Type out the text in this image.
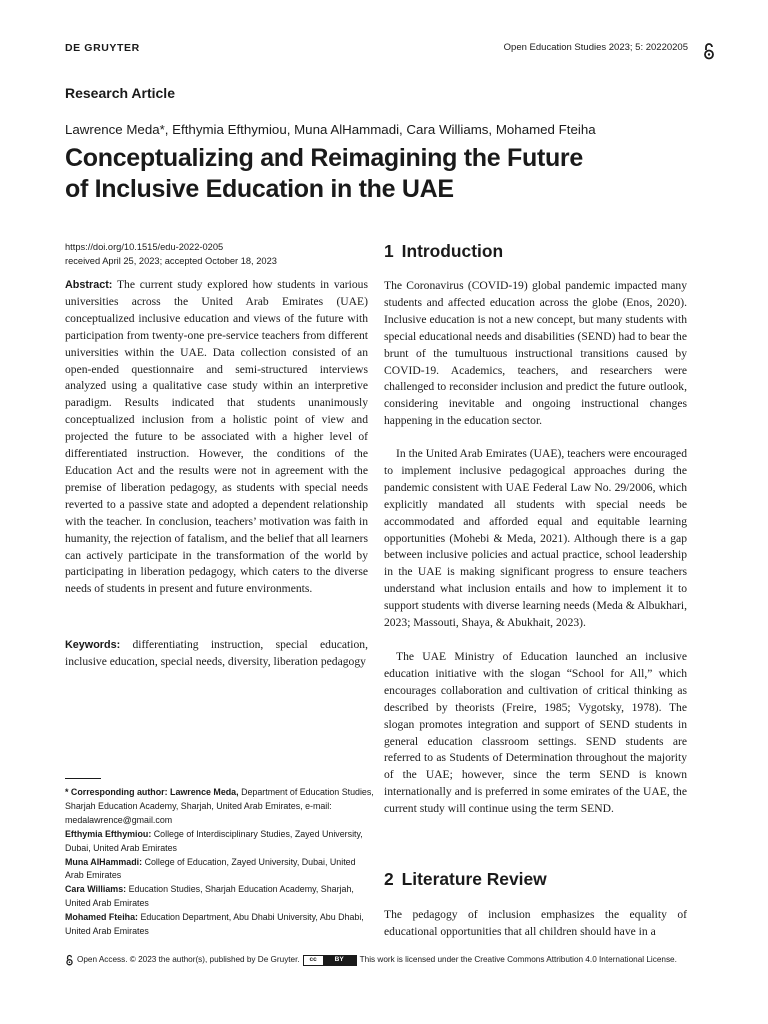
DE GRUYTER	Open Education Studies 2023; 5: 20220205
Research Article
Lawrence Meda*, Efthymia Efthymiou, Muna AlHammadi, Cara Williams, Mohamed Fteiha
Conceptualizing and Reimagining the Future
of Inclusive Education in the UAE
https://doi.org/10.1515/edu-2022-0205
received April 25, 2023; accepted October 18, 2023
Abstract: The current study explored how students in various universities across the United Arab Emirates (UAE) conceptualized inclusive education and views of the future with participation from twenty-one pre-service teachers from different universities within the UAE. Data collection consisted of an open-ended questionnaire and semi-structured interviews analyzed using a qualitative case study within an interpretive paradigm. Results indicated that students unanimously conceptualized inclusion from a holistic point of view and projected the future to be associated with a higher level of differentiated instruction. However, the conditions of the Education Act and the results were not in agreement with the premise of liberation pedagogy, as students with special needs reverted to a passive state and adopted a dependent relationship with the teacher. In conclusion, teachers’ motivation was faith in humanity, the rejection of fatalism, and the belief that all learners can actively participate in the transformation of the world by participating in liberation pedagogy, which caters to the diverse needs of students in present and future environments.
Keywords: differentiating instruction, special education, inclusive education, special needs, diversity, liberation pedagogy
* Corresponding author: Lawrence Meda, Department of Education Studies, Sharjah Education Academy, Sharjah, United Arab Emirates, e-mail: medalawrence@gmail.com
Efthymia Efthymiou: College of Interdisciplinary Studies, Zayed University, Dubai, United Arab Emirates
Muna AlHammadi: College of Education, Zayed University, Dubai, United Arab Emirates
Cara Williams: Education Studies, Sharjah Education Academy, Sharjah, United Arab Emirates
Mohamed Fteiha: Education Department, Abu Dhabi University, Abu Dhabi, United Arab Emirates
1 Introduction
The Coronavirus (COVID-19) global pandemic impacted many students and affected education across the globe (Enos, 2020). Inclusive education is not a new concept, but many students with special educational needs and disabilities (SEND) had to bear the brunt of the tumultuous instructional transitions caused by COVID-19. Academics, teachers, and researchers were challenged to reconsider inclusion and predict the future outlook, considering inevitable and ongoing instructional changes happening in the education sector.
In the United Arab Emirates (UAE), teachers were encouraged to implement inclusive pedagogical approaches during the pandemic consistent with UAE Federal Law No. 29/2006, which explicitly mandated all students with special needs be accommodated and afforded equal and equitable learning opportunities (Mohebi & Meda, 2021). Although there is a gap between inclusive policies and actual practice, school leadership in the UAE is making significant progress to ensure teachers understand what inclusion entails and how to implement it to support students with diverse learning needs (Meda & Albukhari, 2023; Massouti, Shaya, & Abukhait, 2023).
The UAE Ministry of Education launched an inclusive education initiative with the slogan “School for All,” which encourages collaboration and cultivation of critical thinking as described by theorists (Freire, 1985; Vygotsky, 1978). The slogan promotes integration and support of SEND students in general education classroom settings. SEND students are referred to as Students of Determination throughout the majority of the UAE; however, since the term SEND is known internationally and is preferred in some emirates of the UAE, the current study will continue using the term SEND.
2 Literature Review
The pedagogy of inclusion emphasizes the equality of educational opportunities that all children should have in a
Open Access. © 2023 the author(s), published by De Gruyter.	cc	BY	This work is licensed under the Creative Commons Attribution 4.0 International License.
